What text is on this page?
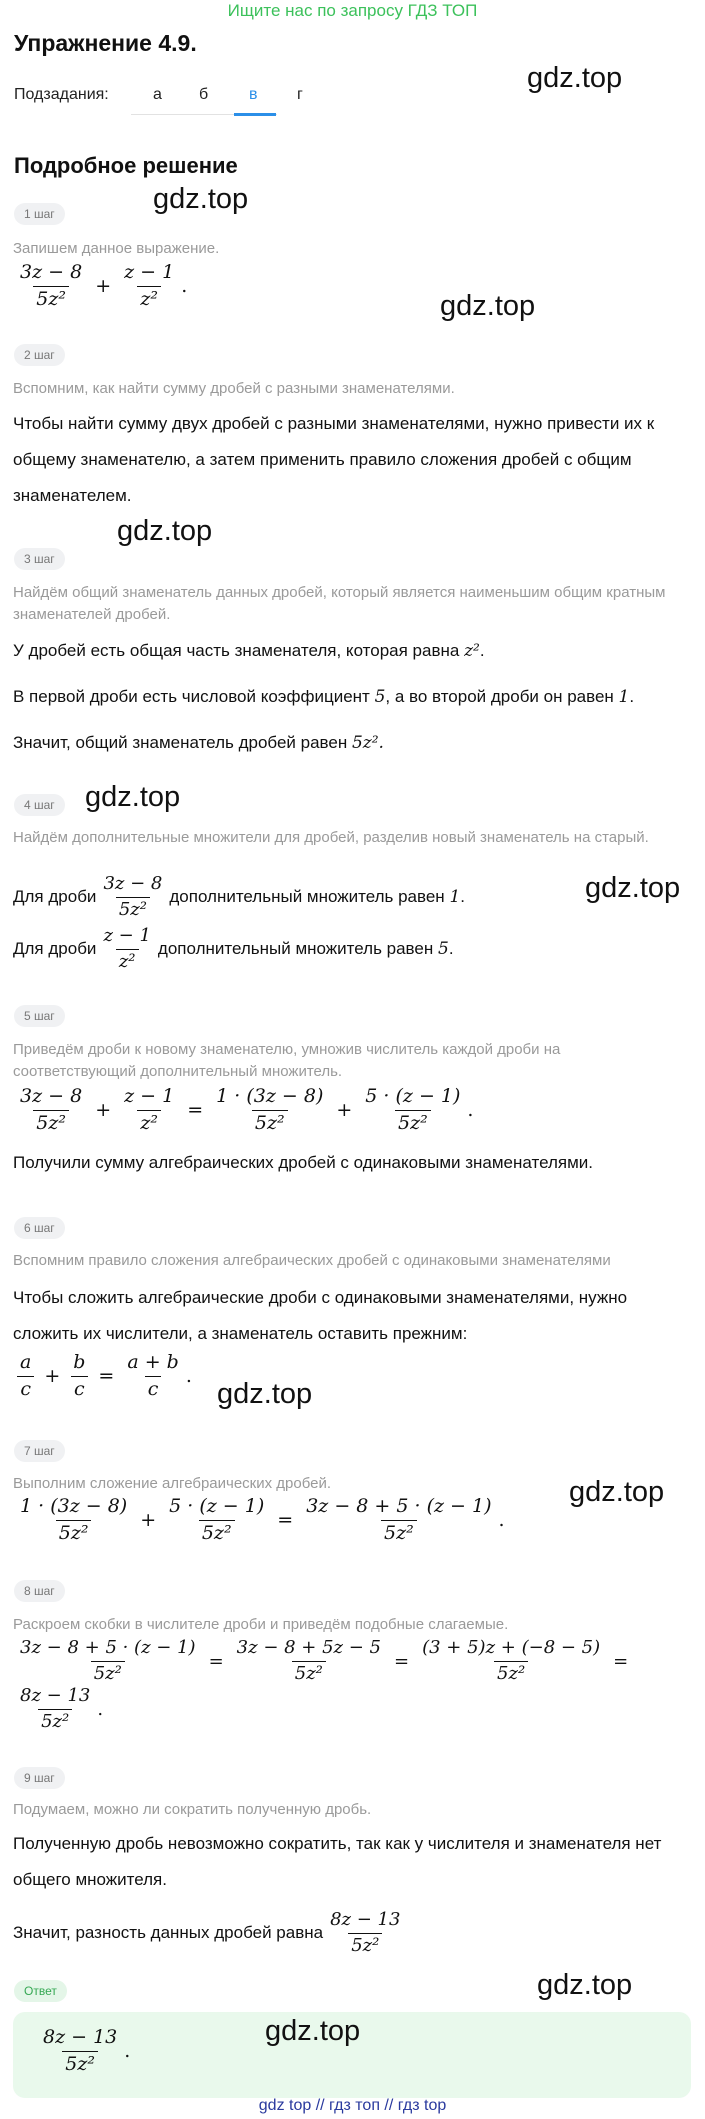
Ищите нас по запросу ГДЗ ТОП
Упражнение 4.9.
Подзадания:	а б	в г
gdz.top
Подробное решение
1 шаг	gdz.top
Запишем данное выражение.
$\frac{3z - 8}{\text{5z²}} + \frac{z - 1}{\text{z²}}$ .
gdz.top
2 шаг
Вспомним, как найти сумму дробей с разными знаменателями.
Чтобы найти сумму двух дробей с разными знаменателями, нужно привести их к общему знаменателю, а затем применить правило сложения дробей с общим знаменателем.
gdz.top
3 шаг
Найдём общий знаменатель данных дробей, который является наименьшим общим кратным знаменателей дробей.
У дробей есть общая часть знаменателя, которая равна z².
В первой дроби есть числовой коэффициент 5, а во второй дроби он равен 1.
Значит, общий знаменатель дробей равен 5z².
4 шаг	gdz.top
Найдём дополнительные множители для дробей, разделив новый знаменатель на старый.
Для дроби $\frac{3z - 8}{\text{5z²}}$ дополнительный множитель равен
1 .	gdz.top
Для дроби $\frac{z - 1}{\text{z²}}$ дополнительный множитель равен
5 .
5 шаг
Приведём дроби к новому знаменателю, умножив числитель каждой дроби на соответствующий дополнительный множитель.
$\frac{3z - 8}{\text{5z²}} + \frac{z - 1}{\text{z²}} = \frac{1 \cdot (3z - 8)}{\text{5z²}} + \frac{5 \cdot (z - 1)}{\text{5z²}}$ .
Получили сумму алгебраических дробей с одинаковыми знаменателями.
6 шаг
Вспомним правило сложения алгебраических дробей с одинаковыми знаменателями
Чтобы сложить алгебраические дроби с одинаковыми знаменателями, нужно сложить их числители, а знаменатель оставить прежним:
$\frac{a}{c} + \frac{b}{c} = \frac{a + b}{c}$ .
gdz.top
7 шаг
Выполним сложение алгебраических дробей.
$\frac{1 \cdot (3z - 8)}{\text{5z²}} + \frac{5 \cdot (z - 1)}{\text{5z²}} = \frac{3z - 8 + 5 \cdot (z - 1)}{\text{5z²}}$ .
gdz.top
8 шаг
Раскроем скобки в числителе дроби и приведём подобные слагаемые.
$\frac{3z - 8 + 5 \cdot (z - 1)}{\text{5z²}} = \frac{3z - 8 + 5z - 5}{\text{5z²}} = \frac{(3 + 5)z + (-8 - 5)}{\text{5z²}}$ =
$\frac{8z - 13}{\text{5z²}}$ .
9 шаг
Подумаем, можно ли сократить полученную дробь.
Полученную дробь невозможно сократить, так как у числителя и знаменателя нет общего множителя.
Значит, разность данных дробей равна $\frac{8z - 13}{\text{5z²}}$
Ответ	gdz.top
$\frac{8z - 13}{\text{5z²}}$ .
gdz.top
gdz top // гдз топ // гдз top
